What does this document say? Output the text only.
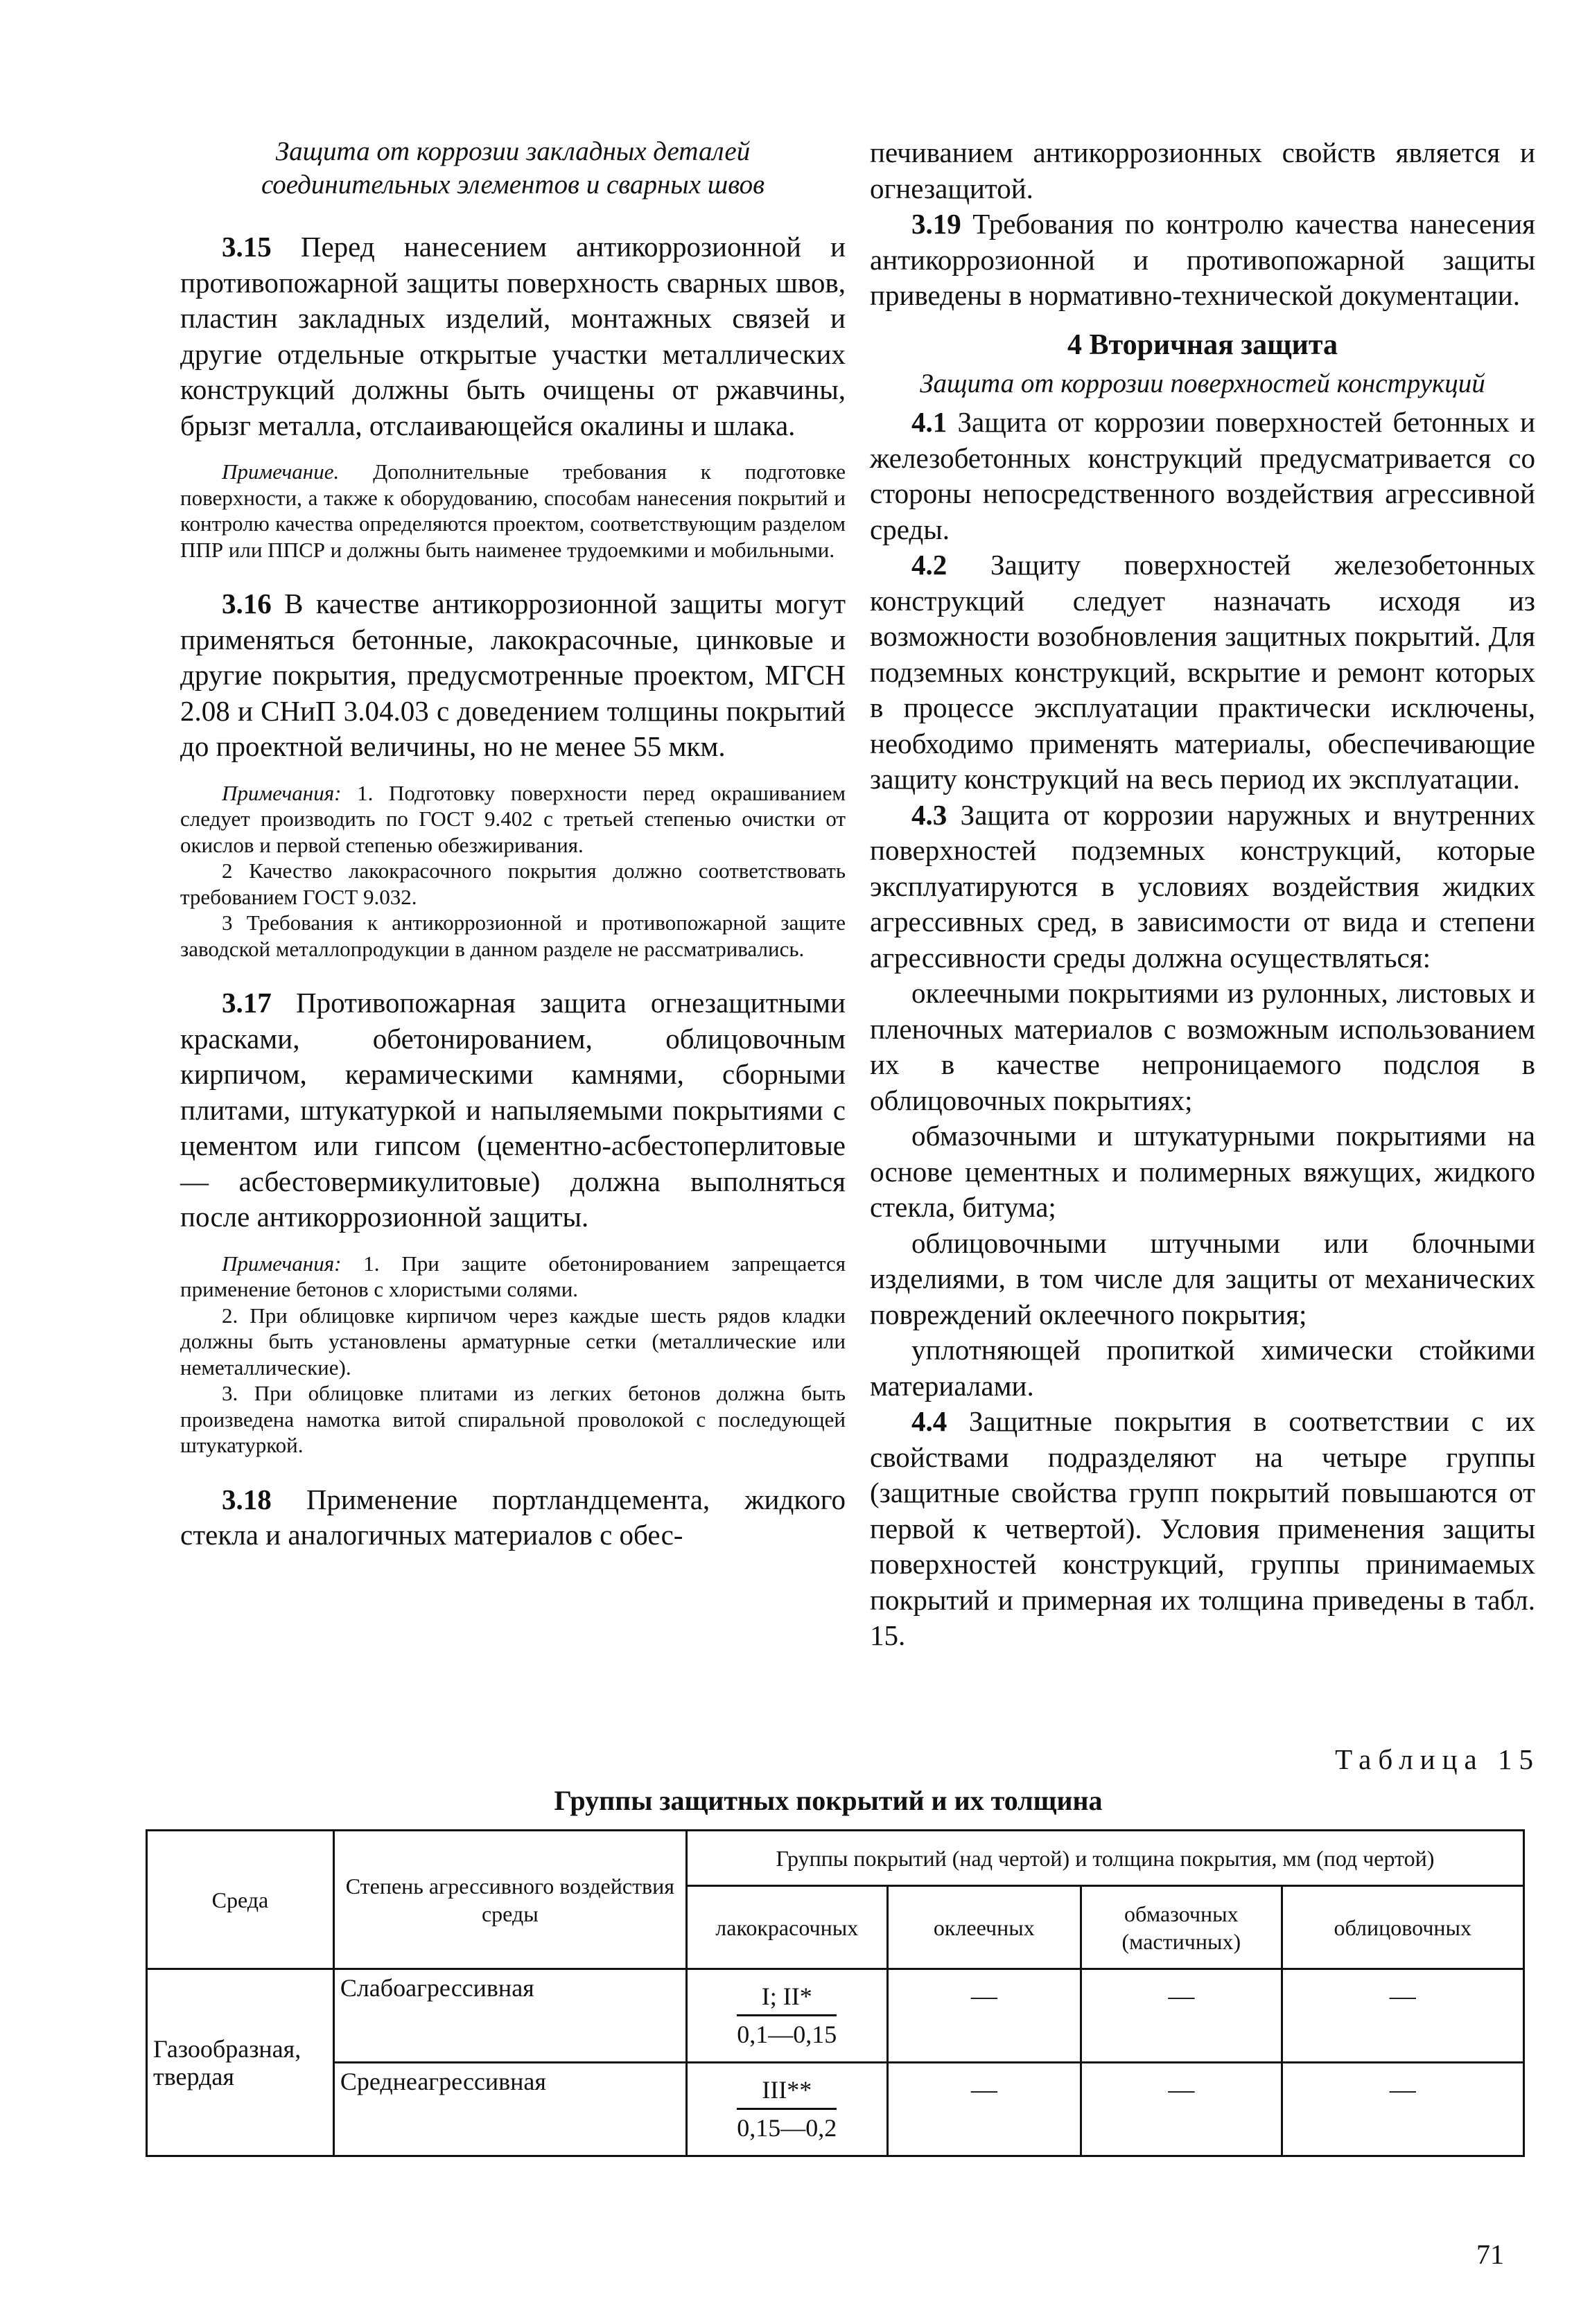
Защита от коррозии закладных деталей соединительных элементов и сварных швов

3.15 Перед нанесением антикоррозионной и противопожарной защиты поверхность сварных швов, пластин закладных изделий, монтажных связей и другие отдельные открытые участки металлических конструкций должны быть очищены от ржавчины, брызг металла, отслаивающейся окалины и шлака.

Примечание. Дополнительные требования к подготовке поверхности, а также к оборудованию, способам нанесения покрытий и контролю качества определяются проектом, соответствующим разделом ППР или ППСР и должны быть наименее трудоемкими и мобильными.

3.16 В качестве антикоррозионной защиты могут применяться бетонные, лакокрасочные, цинковые и другие покрытия, предусмотренные проектом, МГСН 2.08 и СНиП 3.04.03 с доведением толщины покрытий до проектной величины, но не менее 55 мкм.

Примечания: 1. Подготовку поверхности перед окрашиванием следует производить по ГОСТ 9.402 с третьей степенью очистки от окислов и первой степенью обезжиривания.

2 Качество лакокрасочного покрытия должно соответствовать требованием ГОСТ 9.032.

3 Требования к антикоррозионной и противопожарной защите заводской металлопродукции в данном разделе не рассматривались.

3.17 Противопожарная защита огнезащитными красками, обетонированием, облицовочным кирпичом, керамическими камнями, сборными плитами, штукатуркой и напыляемыми покрытиями с цементом или гипсом (цементно-асбестоперлитовые — асбестовермикулитовые) должна выполняться после антикоррозионной защиты.

Примечания: 1. При защите обетонированием запрещается применение бетонов с хлористыми солями.

2. При облицовке кирпичом через каждые шесть рядов кладки должны быть установлены арматурные сетки (металлические или неметаллические).

3. При облицовке плитами из легких бетонов должна быть произведена намотка витой спиральной проволокой с последующей штукатуркой.

3.18 Применение портландцемента, жидкого стекла и аналогичных материалов с обес-

печиванием антикоррозионных свойств является и огнезащитой.

3.19 Требования по контролю качества нанесения антикоррозионной и противопожарной защиты приведены в нормативно-технической документации.

4 Вторичная защита

Защита от коррозии поверхностей конструкций

4.1 Защита от коррозии поверхностей бетонных и железобетонных конструкций предусматривается со стороны непосредственного воздействия агрессивной среды.

4.2 Защиту поверхностей железобетонных конструкций следует назначать исходя из возможности возобновления защитных покрытий. Для подземных конструкций, вскрытие и ремонт которых в процессе эксплуатации практически исключены, необходимо применять материалы, обеспечивающие защиту конструкций на весь период их эксплуатации.

4.3 Защита от коррозии наружных и внутренних поверхностей подземных конструкций, которые эксплуатируются в условиях воздействия жидких агрессивных сред, в зависимости от вида и степени агрессивности среды должна осуществляться:

оклеечными покрытиями из рулонных, листовых и пленочных материалов с возможным использованием их в качестве непроницаемого подслоя в облицовочных покрытиях;

обмазочными и штукатурными покрытиями на основе цементных и полимерных вяжущих, жидкого стекла, битума;

облицовочными штучными или блочными изделиями, в том числе для защиты от механических повреждений оклеечного покрытия;

уплотняющей пропиткой химически стойкими материалами.

4.4 Защитные покрытия в соответствии с их свойствами подразделяют на четыре группы (защитные свойства групп покрытий повышаются от первой к четвертой). Условия применения защиты поверхностей конструкций, группы принимаемых покрытий и примерная их толщина приведены в табл. 15.

Таблица 15
Группы защитных покрытий и их толщина
Среда	Степень агрессивного воздействия среды	Группы покрытий (над чертой) и толщина покрытия, мм (под чертой)			
		лакокрасочных	оклеечных	обмазочных (мастичных)	облицовочных
Газообразная, твердая	Слабоагрессивная	$\frac{I; II*}{0,1—0,15}$	—	—	—
	Среднеагрессивная	$\frac{\text{III**}}{0,15—0,2}$	—	—	—
71
